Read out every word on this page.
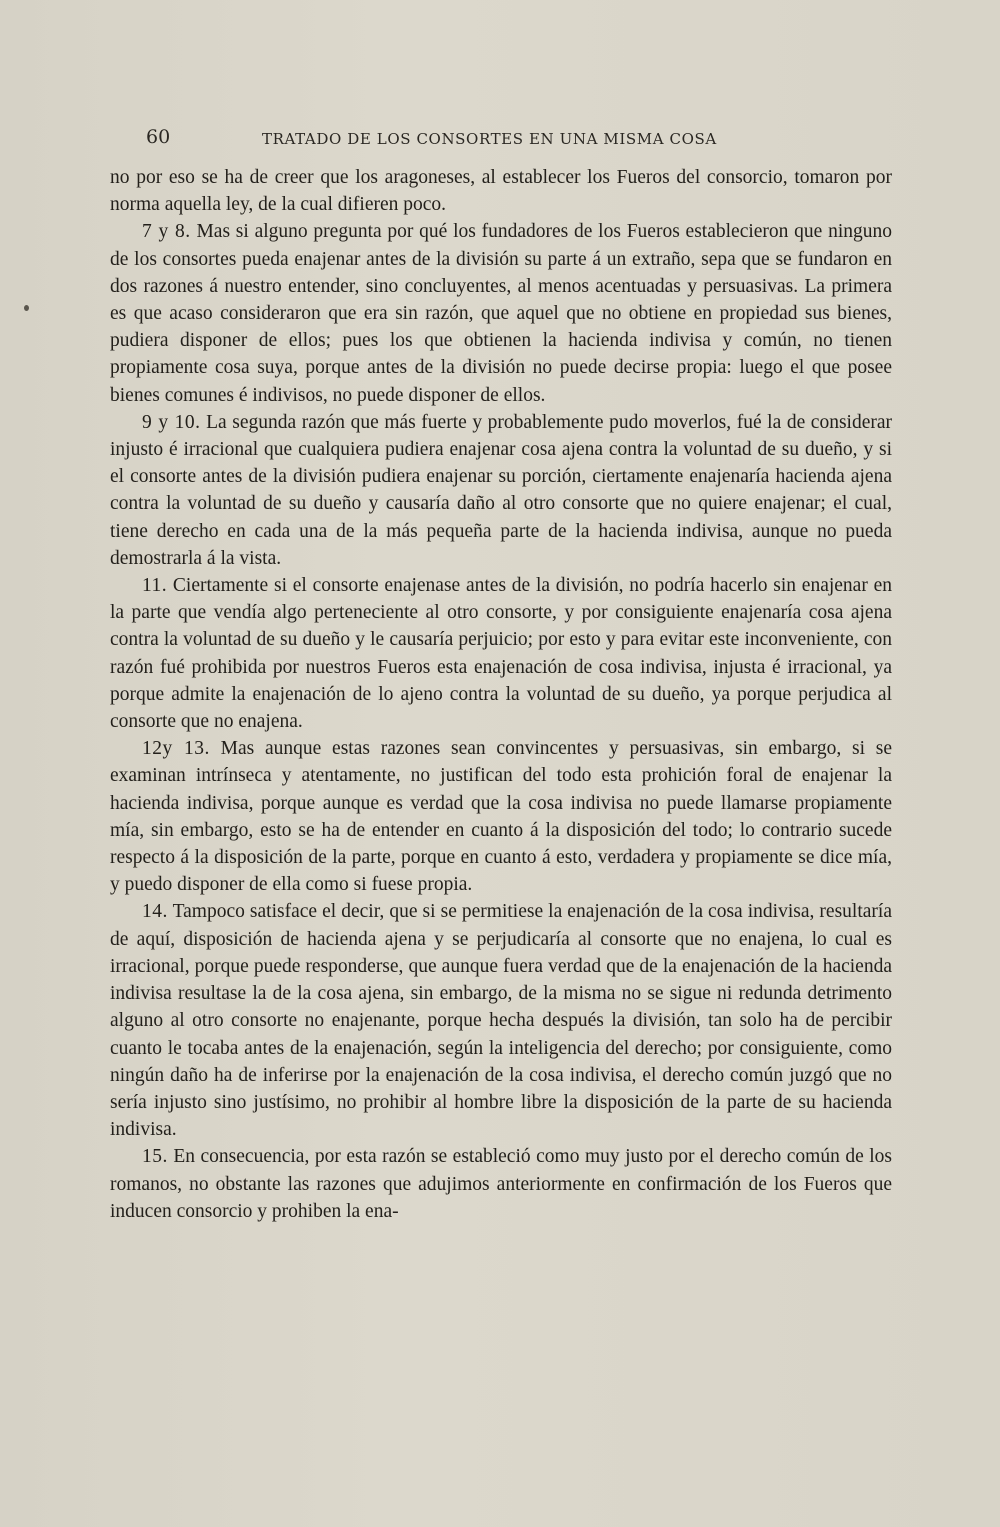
60	TRATADO DE LOS CONSORTES EN UNA MISMA COSA

no por eso se ha de creer que los aragoneses, al establecer los Fueros del consorcio, tomaron por norma aquella ley, de la cual difieren poco.

7 y 8. Mas si alguno pregunta por qué los fundadores de los Fueros establecieron que ninguno de los consortes pueda enajenar antes de la división su parte á un extraño, sepa que se fundaron en dos razones á nuestro entender, sino concluyentes, al menos acentuadas y persuasivas. La primera es que acaso consideraron que era sin razón, que aquel que no obtiene en propiedad sus bienes, pudiera disponer de ellos; pues los que obtienen la hacienda indivisa y común, no tienen propiamente cosa suya, porque antes de la división no puede decirse propia: luego el que posee bienes comunes é indivisos, no puede disponer de ellos.

9 y 10. La segunda razón que más fuerte y probablemente pudo moverlos, fué la de considerar injusto é irracional que cualquiera pudiera enajenar cosa ajena contra la voluntad de su dueño, y si el consorte antes de la división pudiera enajenar su porción, ciertamente enajenaría hacienda ajena contra la voluntad de su dueño y causaría daño al otro consorte que no quiere enajenar; el cual, tiene derecho en cada una de la más pequeña parte de la hacienda indivisa, aunque no pueda demostrarla á la vista.

11. Ciertamente si el consorte enajenase antes de la división, no podría hacerlo sin enajenar en la parte que vendía algo perteneciente al otro consorte, y por consiguiente enajenaría cosa ajena contra la voluntad de su dueño y le causaría perjuicio; por esto y para evitar este inconveniente, con razón fué prohibida por nuestros Fueros esta enajenación de cosa indivisa, injusta é irracional, ya porque admite la enajenación de lo ajeno contra la voluntad de su dueño, ya porque perjudica al consorte que no enajena.

12y 13. Mas aunque estas razones sean convincentes y persuasivas, sin embargo, si se examinan intrínseca y atentamente, no justifican del todo esta prohición foral de enajenar la hacienda indivisa, porque aunque es verdad que la cosa indivisa no puede llamarse propiamente mía, sin embargo, esto se ha de entender en cuanto á la disposición del todo; lo contrario sucede respecto á la disposición de la parte, porque en cuanto á esto, verdadera y propiamente se dice mía, y puedo disponer de ella como si fuese propia.

14. Tampoco satisface el decir, que si se permitiese la enajenación de la cosa indivisa, resultaría de aquí, disposición de hacienda ajena y se perjudicaría al consorte que no enajena, lo cual es irracional, porque puede responderse, que aunque fuera verdad que de la enajenación de la hacienda indivisa resultase la de la cosa ajena, sin embargo, de la misma no se sigue ni redunda detrimento alguno al otro consorte no enajenante, porque hecha después la división, tan solo ha de percibir cuanto le tocaba antes de la enajenación, según la inteligencia del derecho; por consiguiente, como ningún daño ha de inferirse por la enajenación de la cosa indivisa, el derecho común juzgó que no sería injusto sino justísimo, no prohibir al hombre libre la disposición de la parte de su hacienda indivisa.

15. En consecuencia, por esta razón se estableció como muy justo por el derecho común de los romanos, no obstante las razones que adujimos anteriormente en confirmación de los Fueros que inducen consorcio y prohiben la ena-
